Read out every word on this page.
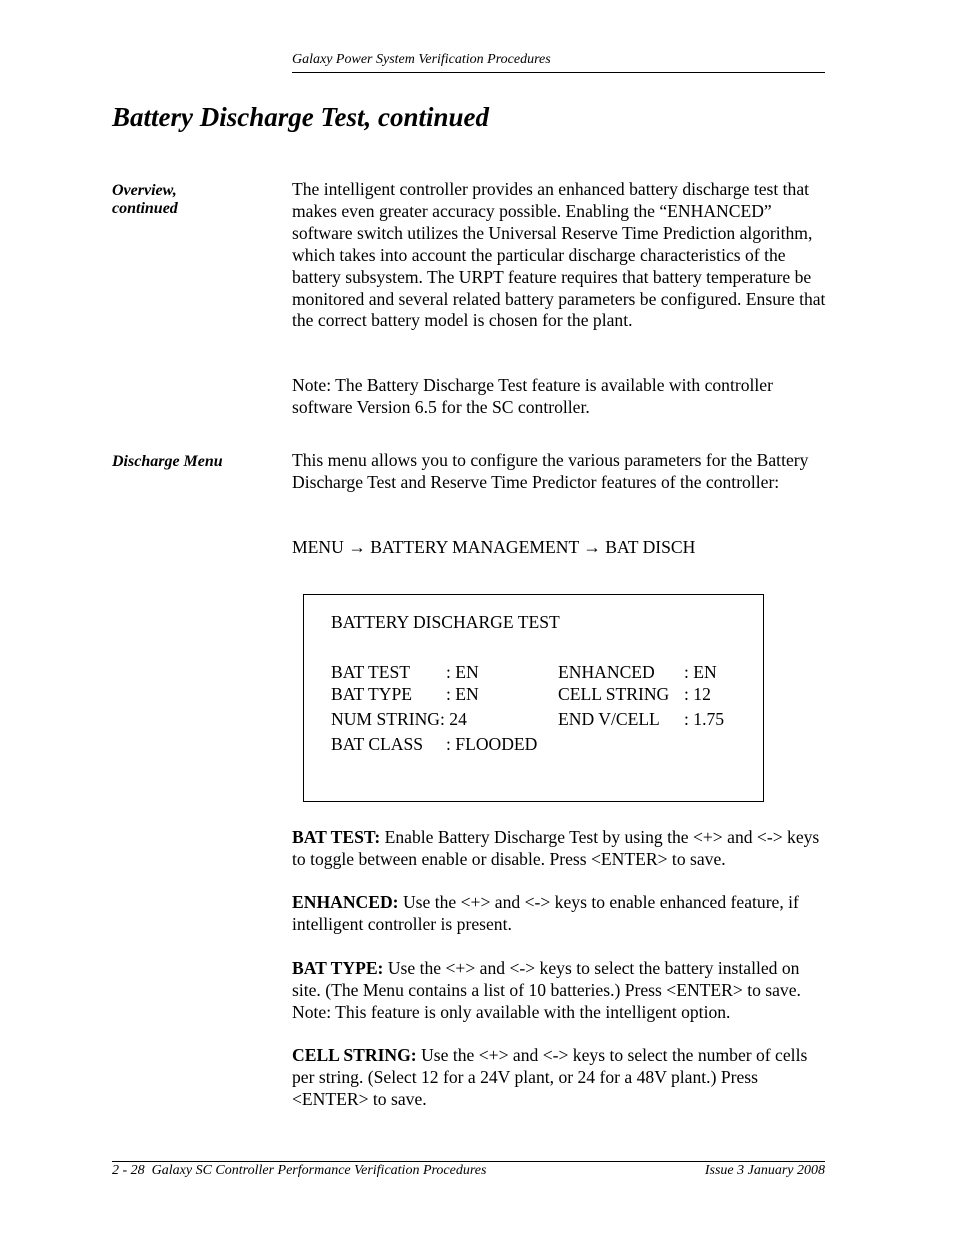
Galaxy Power System Verification Procedures
Battery Discharge Test, continued
Overview,
continued

The intelligent controller provides an enhanced battery discharge test that makes even greater accuracy possible. Enabling the “ENHANCED” software switch utilizes the Universal Reserve Time Prediction algorithm, which takes into account the particular discharge characteristics of the battery subsystem. The URPT feature requires that battery temperature be monitored and several related battery parameters be configured. Ensure that the correct battery model is chosen for the plant.

Note: The Battery Discharge Test feature is available with controller software Version 6.5 for the SC controller.

Discharge Menu	This menu allows you to configure the various parameters for the Battery Discharge Test and Reserve Time Predictor features of the controller:

MENU → BATTERY MANAGEMENT → BAT DISCH

BATTERY DISCHARGE TEST
BAT TEST : EN	ENHANCED : EN
BAT TYPE : EN	CELL STRING : 12
NUM STRING: 24	END V/CELL : 1.75
BAT CLASS : FLOODED

BAT TEST: Enable Battery Discharge Test by using the <+> and <-> keys to toggle between enable or disable. Press <ENTER> to save.

ENHANCED: Use the <+> and <-> keys to enable enhanced feature, if intelligent controller is present.

BAT TYPE: Use the <+> and <-> keys to select the battery installed on site. (The Menu contains a list of 10 batteries.) Press <ENTER> to save. Note: This feature is only available with the intelligent option.

CELL STRING: Use the <+> and <-> keys to select the number of cells per string. (Select 12 for a 24V plant, or 24 for a 48V plant.) Press <ENTER> to save.

2 - 28  Galaxy SC Controller Performance Verification Procedures	Issue 3 January 2008
